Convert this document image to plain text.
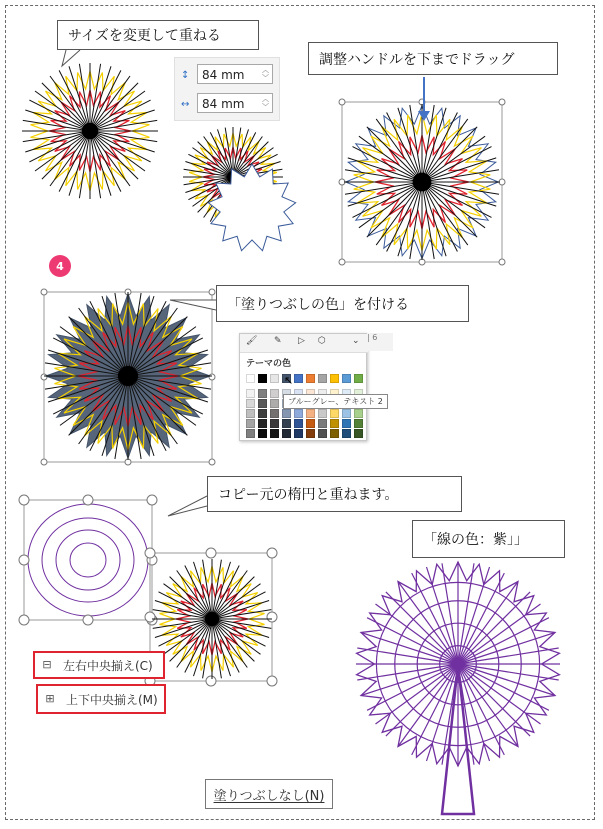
サイズを変更して重ねる
↕	84 mm	︿
﹀
↔	84 mm	︿
﹀
調整ハンドルを下までドラッグ
4
「塗りつぶしの色」を付ける
🖌 ✎ ▷ ⬡	⌄
テーマの色
↖
| 6
ブルーグレー、テキスト 2
コピー元の楕円と重ねます。
⊟ 左右中央揃え(C)
⊞ 上下中央揃え(M)
「線の色：紫」」
塗りつぶしなし(N)
